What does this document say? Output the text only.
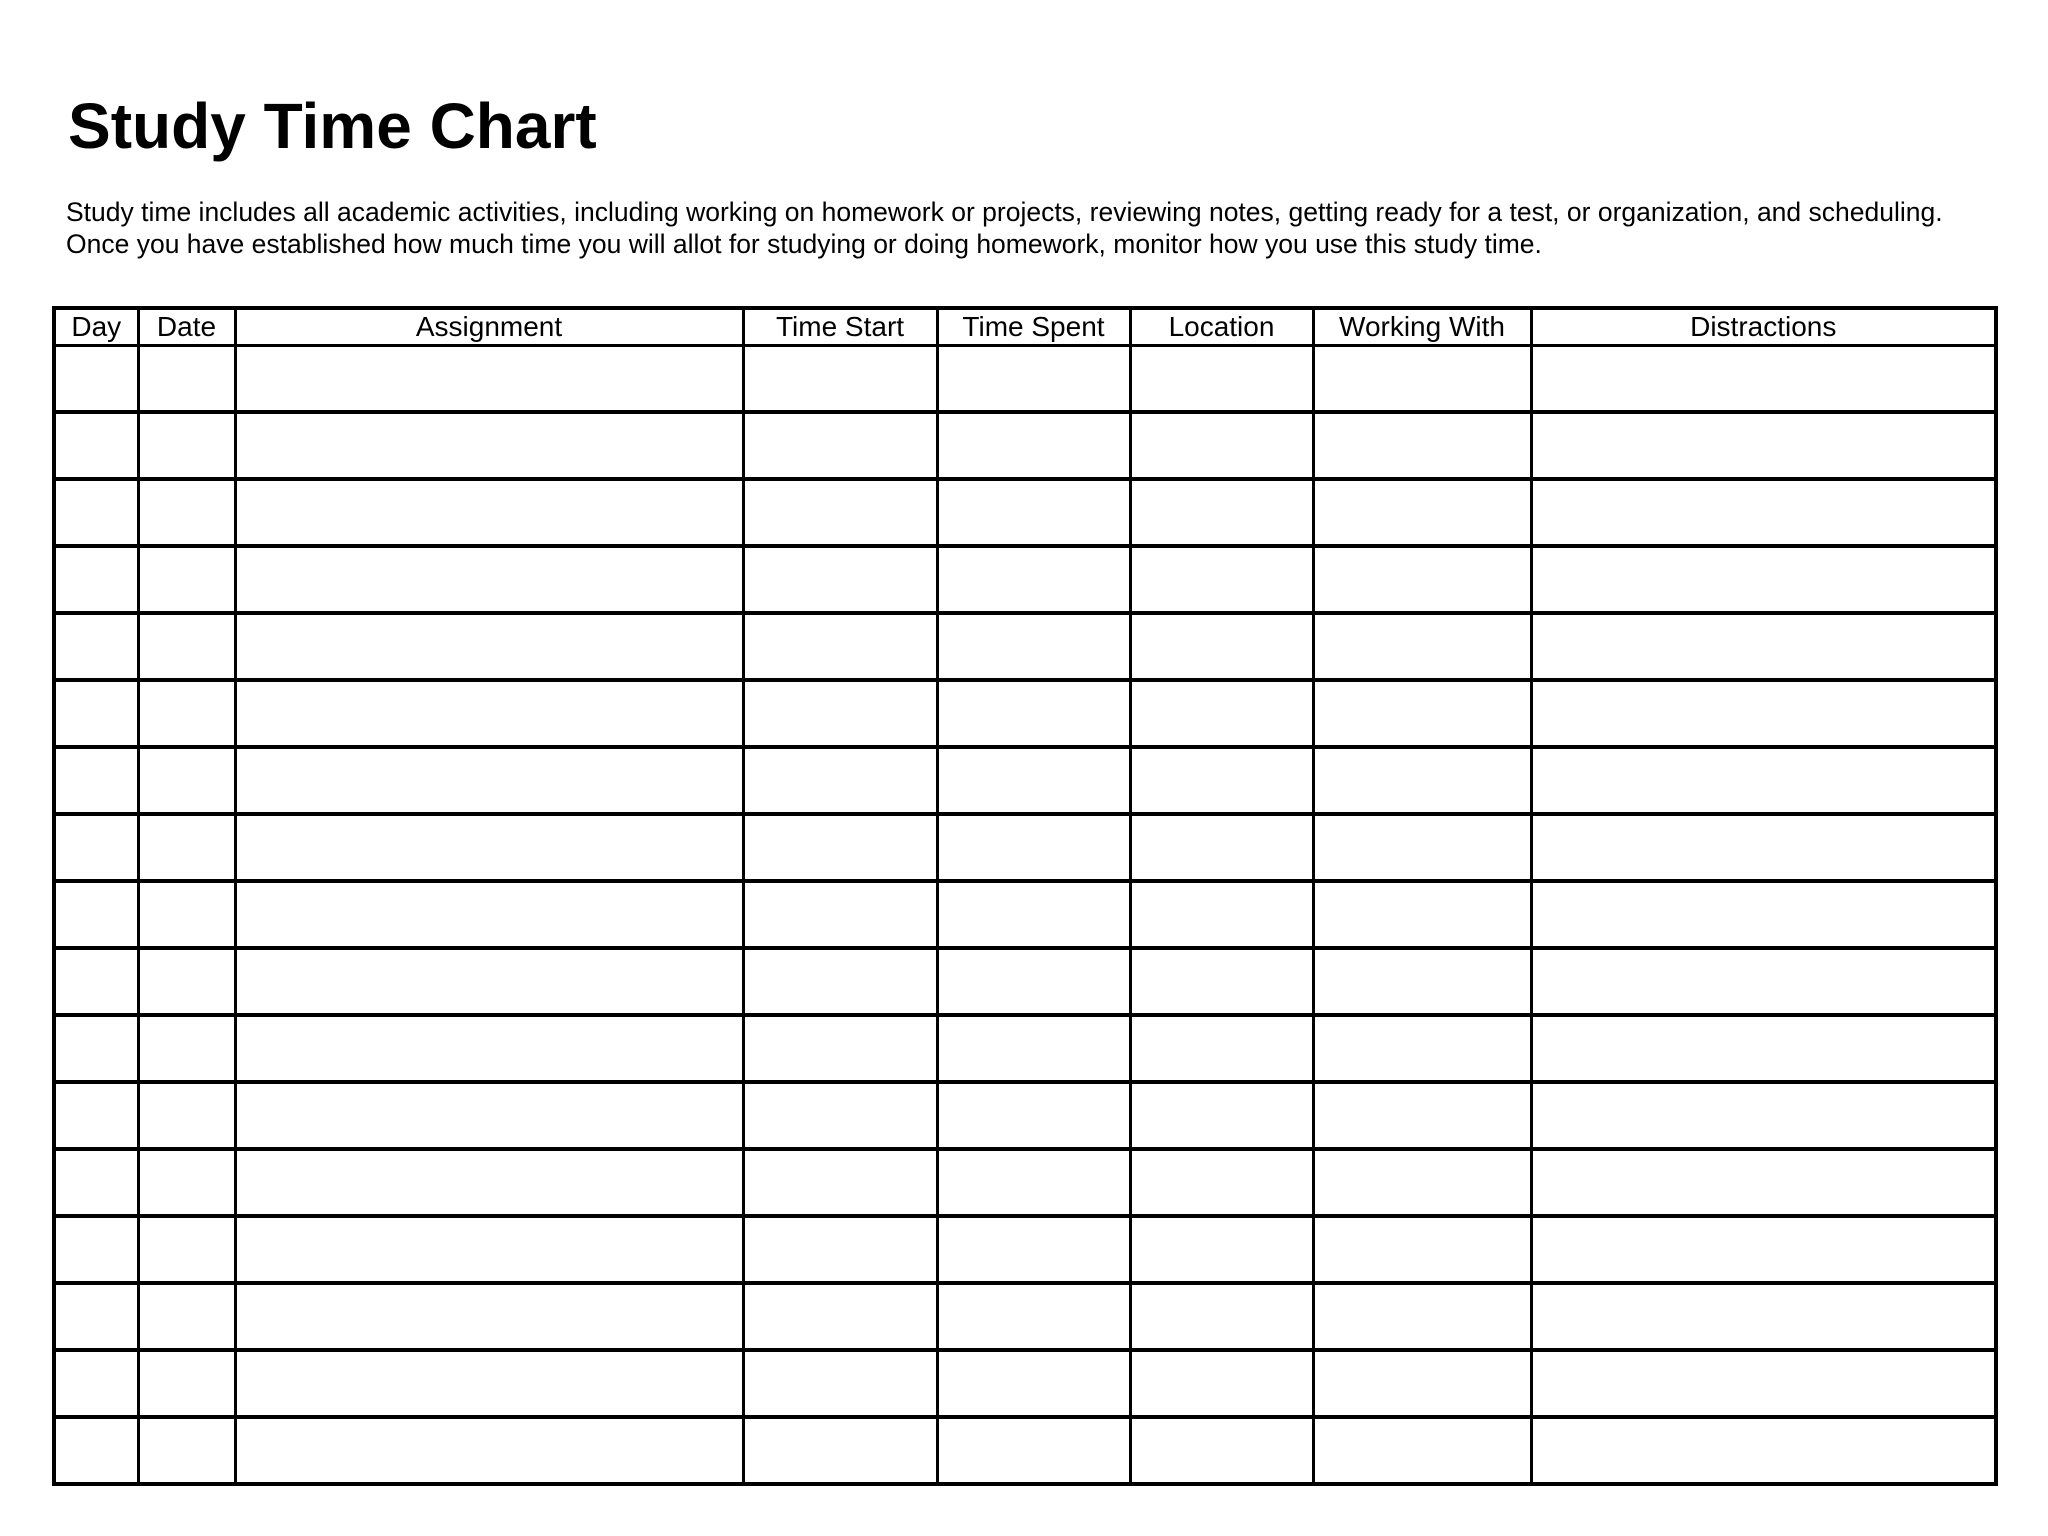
Study Time Chart

Study time includes all academic activities, including working on homework or projects, reviewing notes, getting ready for a test, or organization, and scheduling. Once you have established how much time you will allot for studying or doing homework, monitor how you use this study time.

Day	Date	Assignment	Time Start	Time Spent	Location	Working With	Distractions
